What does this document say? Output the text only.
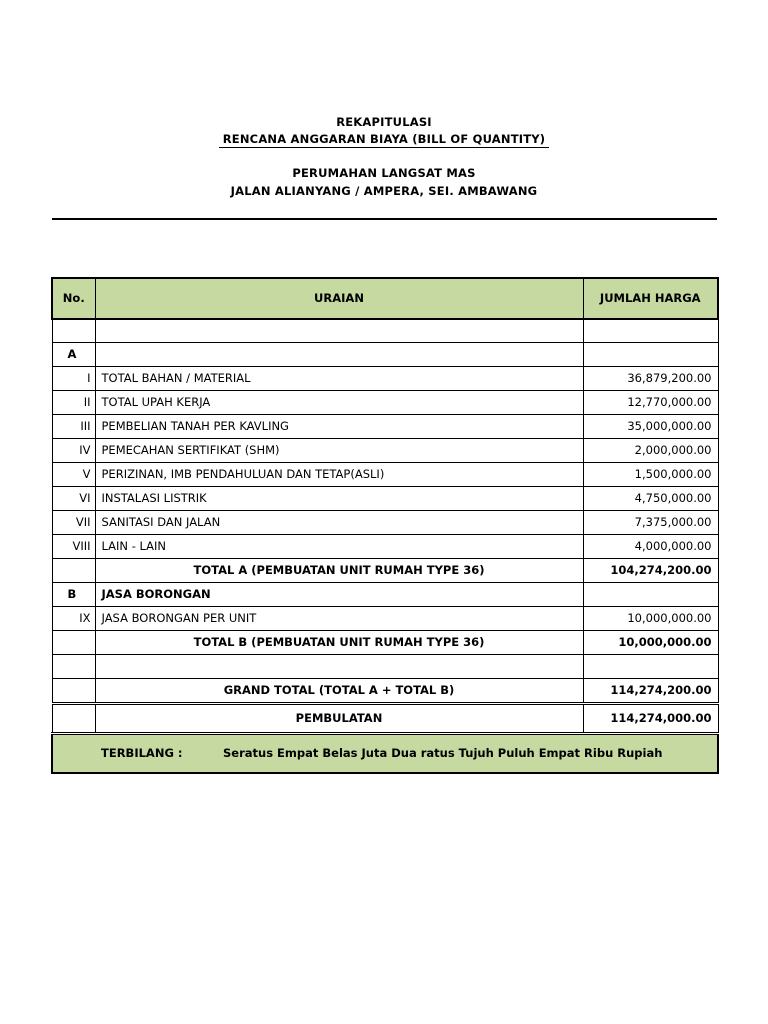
REKAPITULASI
RENCANA ANGGARAN BIAYA (BILL OF QUANTITY)
PERUMAHAN LANGSAT MAS
JALAN ALIANYANG / AMPERA, SEI. AMBAWANG
No.	URAIAN	JUMLAH HARGA

A		
I	TOTAL BAHAN / MATERIAL	36,879,200.00
II	TOTAL UPAH KERJA	12,770,000.00
III	PEMBELIAN TANAH PER KAVLING	35,000,000.00
IV	PEMECAHAN SERTIFIKAT (SHM)	2,000,000.00
V	PERIZINAN, IMB PENDAHULUAN DAN TETAP(ASLI)	1,500,000.00
VI	INSTALASI LISTRIK	4,750,000.00
VII	SANITASI DAN JALAN	7,375,000.00
VIII	LAIN - LAIN	4,000,000.00
	TOTAL A (PEMBUATAN UNIT RUMAH TYPE 36)	104,274,200.00
B	JASA BORONGAN	
IX	JASA BORONGAN PER UNIT	10,000,000.00
	TOTAL B (PEMBUATAN UNIT RUMAH TYPE 36)	10,000,000.00

	GRAND TOTAL (TOTAL A + TOTAL B)	114,274,200.00
	PEMBULATAN	114,274,000.00
TERBILANG : Seratus Empat Belas Juta Dua ratus Tujuh Puluh Empat Ribu Rupiah		
